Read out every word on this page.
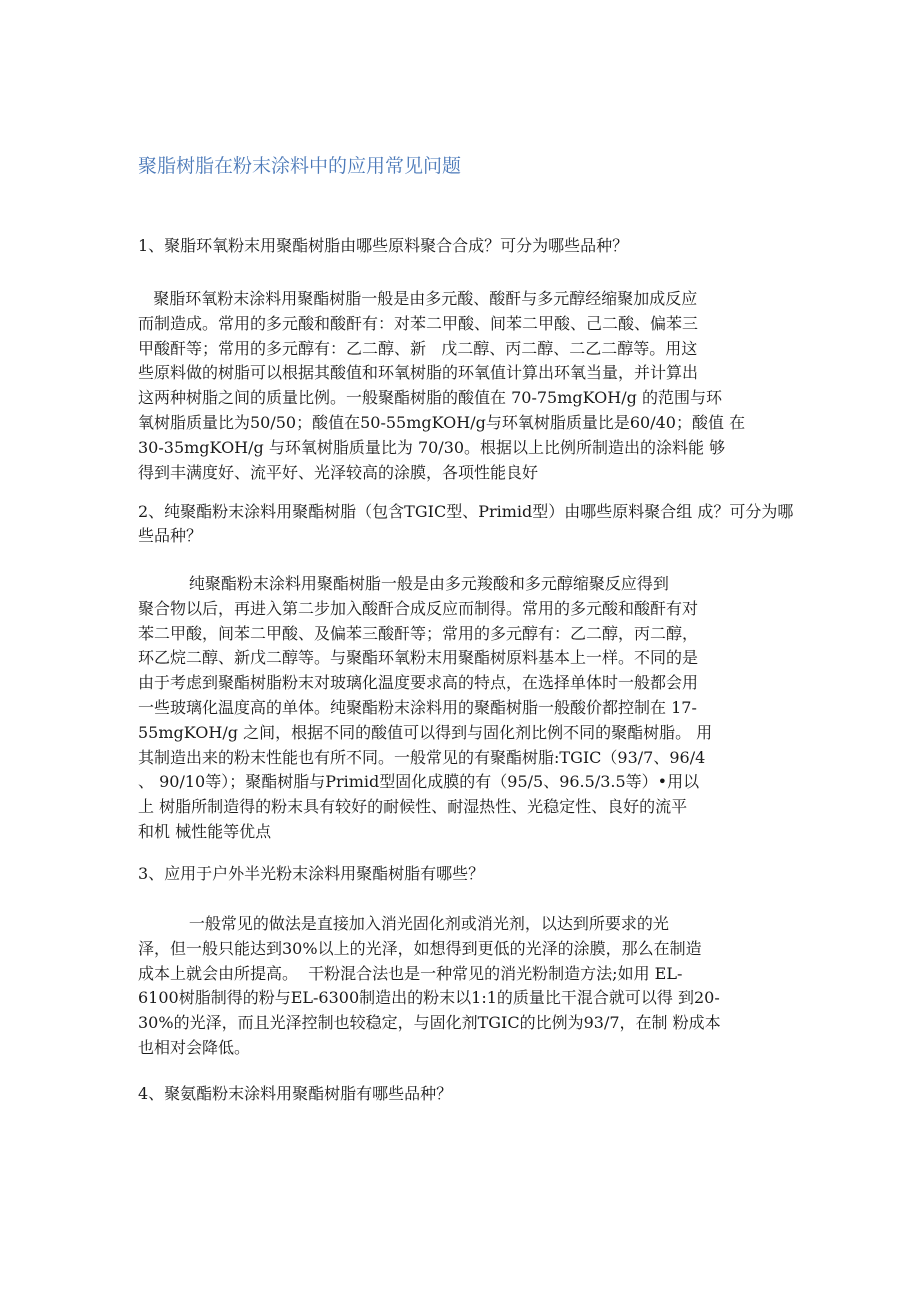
聚脂树脂在粉末涂料中的应用常见问题

1、聚脂环氧粉末用聚酯树脂由哪些原料聚合合成？可分为哪些品种？

聚脂环氧粉末涂料用聚酯树脂一般是由多元酸、酸酐与多元醇经缩聚加成反应
而制造成。常用的多元酸和酸酐有：对苯二甲酸、间苯二甲酸、己二酸、偏苯三
甲酸酐等；常用的多元醇有：乙二醇、新   戊二醇、丙二醇、二乙二醇等。用这
些原料做的树脂可以根据其酸值和环氧树脂的环氧值计算出环氧当量，并计算出
这两种树脂之间的质量比例。一般聚酯树脂的酸值在 70-75mgKOH/g 的范围与环
氧树脂质量比为50/50；酸值在50-55mgKOH/g与环氧树脂质量比是60/40；酸值 在
30-35mgKOH/g 与环氧树脂质量比为 70/30。根据以上比例所制造出的涂料能 够
得到丰满度好、流平好、光泽较高的涂膜，各项性能良好

2、纯聚酯粉末涂料用聚酯树脂（包含TGIC型、Primid型）由哪些原料聚合组 成？可分为哪些品种？

纯聚酯粉末涂料用聚酯树脂一般是由多元羧酸和多元醇缩聚反应得到
聚合物以后，再进入第二步加入酸酐合成反应而制得。常用的多元酸和酸酐有对
苯二甲酸，间苯二甲酸、及偏苯三酸酐等；常用的多元醇有：乙二醇，丙二醇，
环乙烷二醇、新戊二醇等。与聚酯环氧粉末用聚酯树原料基本上一样。不同的是
由于考虑到聚酯树脂粉末对玻璃化温度要求高的特点，在选择单体时一般都会用
一些玻璃化温度高的单体。纯聚酯粉末涂料用的聚酯树脂一般酸价都控制在 17-
55mgKOH/g 之间，根据不同的酸值可以得到与固化剂比例不同的聚酯树脂。 用
其制造出来的粉末性能也有所不同。一般常见的有聚酯树脂:TGIC（93/7、96/4
、 90/10等）；聚酯树脂与Primid型固化成膜的有（95/5、96.5/3.5等）•用以
上 树脂所制造得的粉末具有较好的耐候性、耐湿热性、光稳定性、良好的流平
和机 械性能等优点

3、应用于户外半光粉末涂料用聚酯树脂有哪些？

一般常见的做法是直接加入消光固化剂或消光剂，以达到所要求的光
泽，但一般只能达到30%以上的光泽，如想得到更低的光泽的涂膜，那么在制造
成本上就会由所提高。  干粉混合法也是一种常见的消光粉制造方法;如用 EL-
6100树脂制得的粉与EL-6300制造出的粉末以1:1的质量比干混合就可以得 到20-
30%的光泽，而且光泽控制也较稳定，与固化剂TGIC的比例为93/7，在制 粉成本
也相对会降低。

4、聚氨酯粉末涂料用聚酯树脂有哪些品种？
